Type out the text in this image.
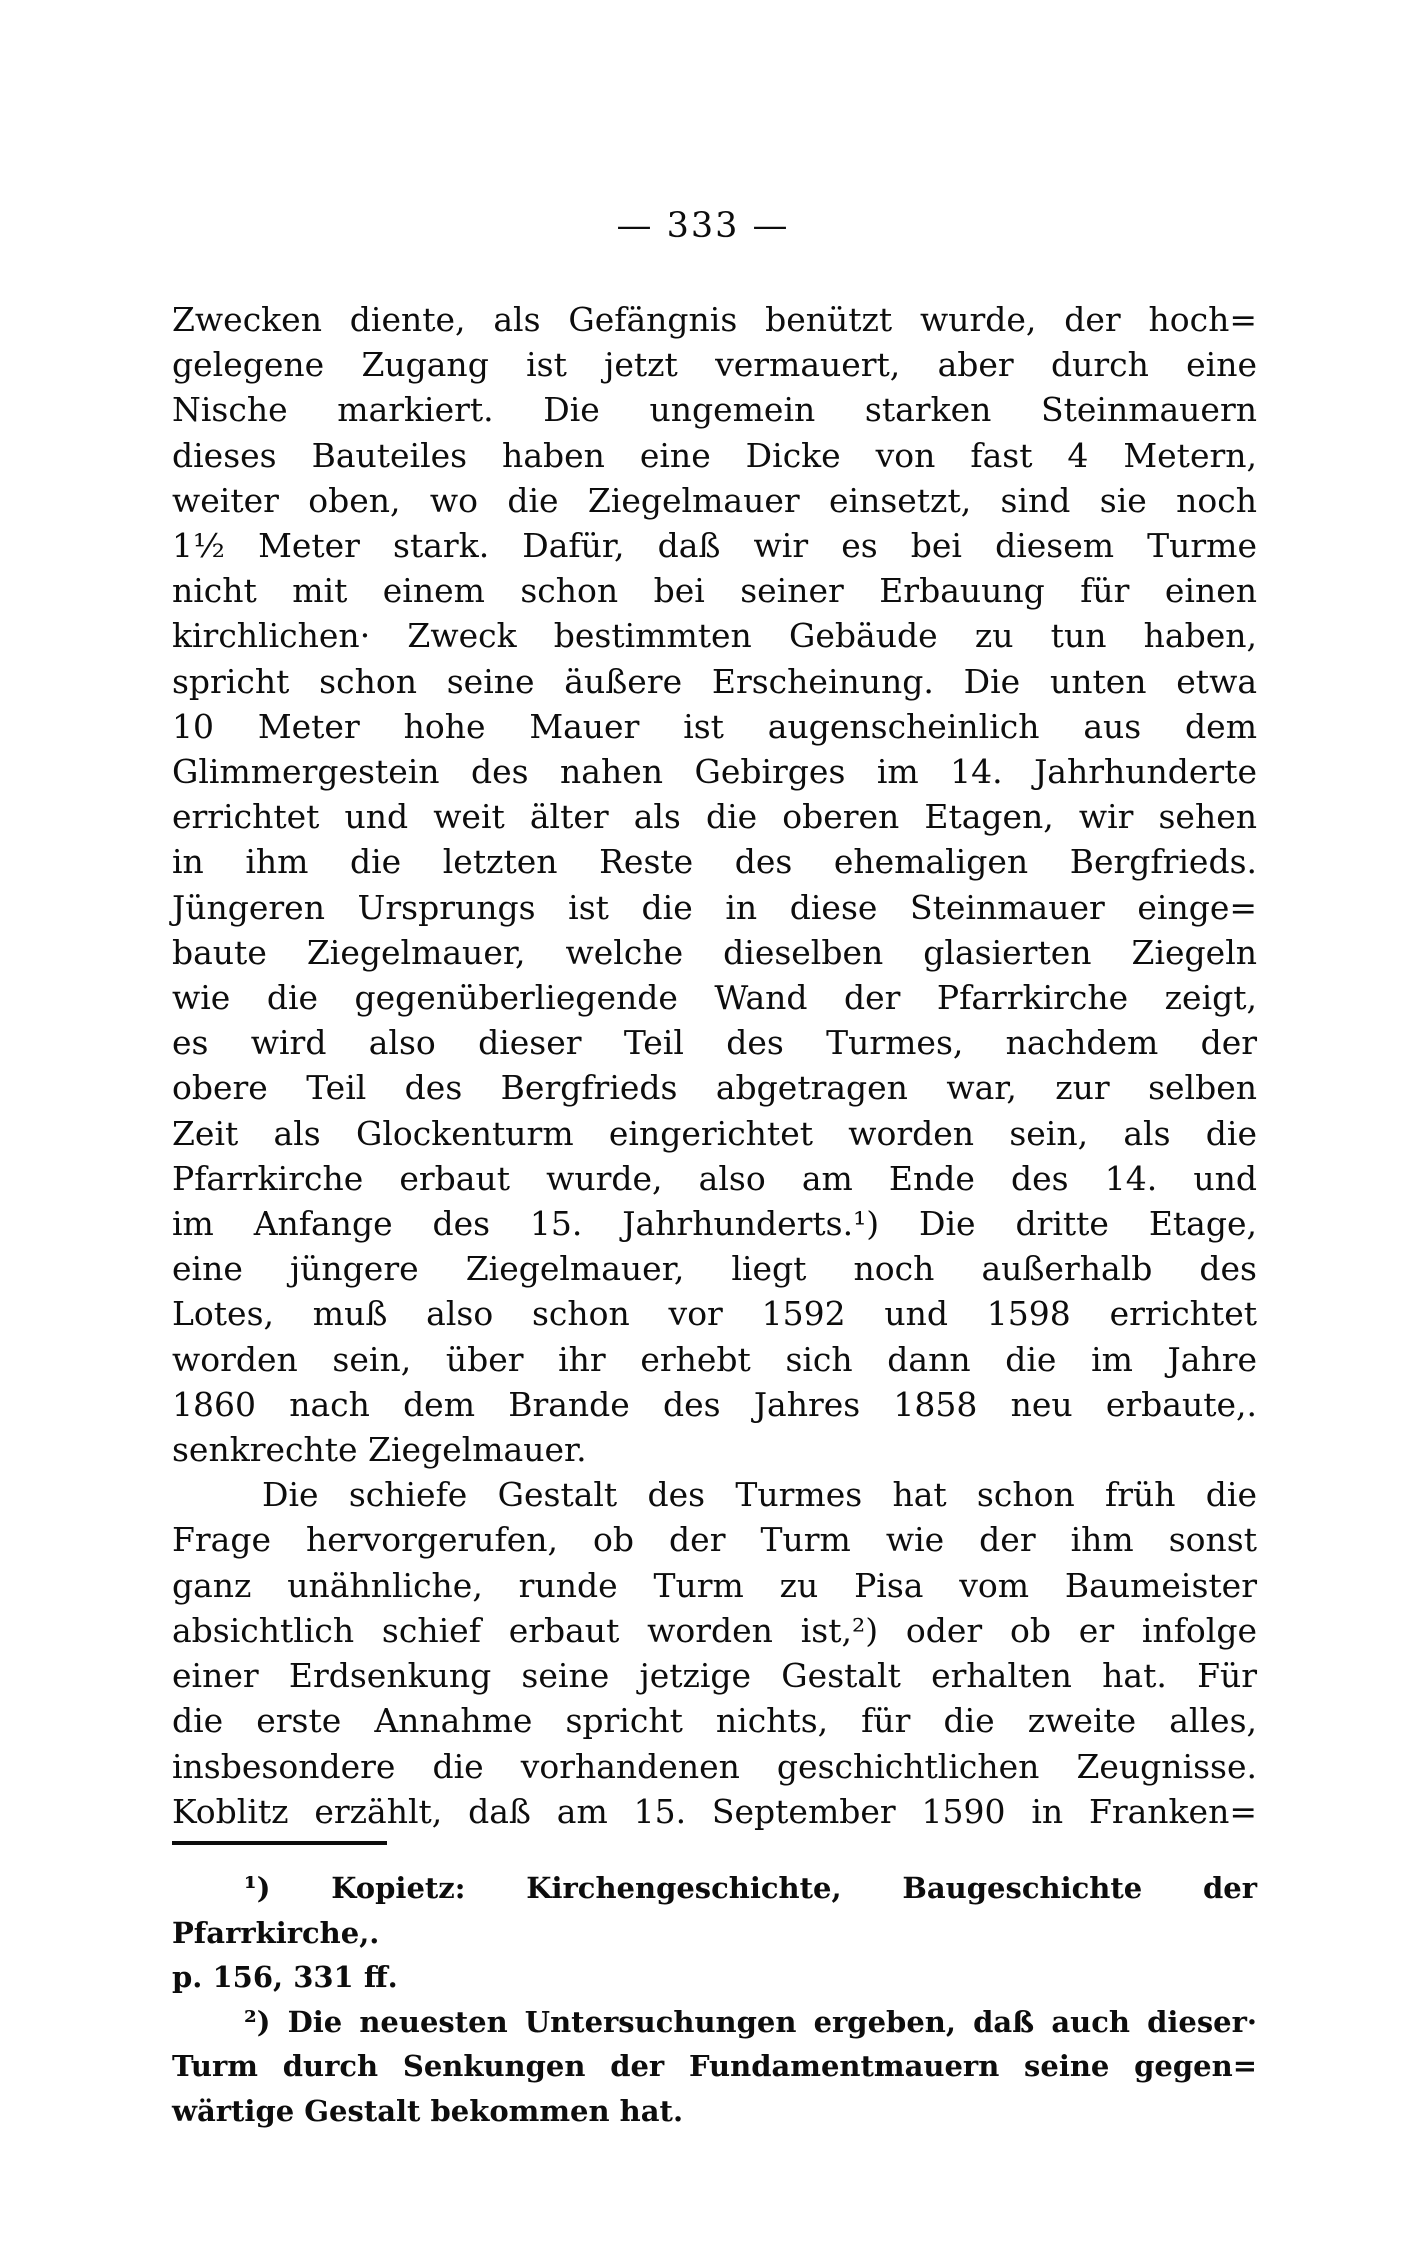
— 333 —
Zwecken diente, als Gefängnis benützt wurde, der hoch=
gelegene Zugang ist jetzt vermauert, aber durch eine
Nische markiert. Die ungemein starken Steinmauern
dieses Bauteiles haben eine Dicke von fast 4 Metern,
weiter oben, wo die Ziegelmauer einsetzt, sind sie noch
1½ Meter stark. Dafür, daß wir es bei diesem Turme
nicht mit einem schon bei seiner Erbauung für einen
kirchlichen· Zweck bestimmten Gebäude zu tun haben,
spricht schon seine äußere Erscheinung. Die unten etwa
10 Meter hohe Mauer ist augenscheinlich aus dem
Glimmergestein des nahen Gebirges im 14. Jahrhunderte
errichtet und weit älter als die oberen Etagen, wir sehen
in ihm die letzten Reste des ehemaligen Bergfrieds.
Jüngeren Ursprungs ist die in diese Steinmauer einge=
baute Ziegelmauer, welche dieselben glasierten Ziegeln
wie die gegenüberliegende Wand der Pfarrkirche zeigt,
es wird also dieser Teil des Turmes, nachdem der
obere Teil des Bergfrieds abgetragen war, zur selben
Zeit als Glockenturm eingerichtet worden sein, als die
Pfarrkirche erbaut wurde, also am Ende des 14. und
im Anfange des 15. Jahrhunderts.¹) Die dritte Etage,
eine jüngere Ziegelmauer, liegt noch außerhalb des
Lotes, muß also schon vor 1592 und 1598 errichtet
worden sein, über ihr erhebt sich dann die im Jahre
1860 nach dem Brande des Jahres 1858 neu erbaute,.
senkrechte Ziegelmauer.
Die schiefe Gestalt des Turmes hat schon früh die
Frage hervorgerufen, ob der Turm wie der ihm sonst
ganz unähnliche, runde Turm zu Pisa vom Baumeister
absichtlich schief erbaut worden ist,²) oder ob er infolge
einer Erdsenkung seine jetzige Gestalt erhalten hat. Für
die erste Annahme spricht nichts, für die zweite alles,
insbesondere die vorhandenen geschichtlichen Zeugnisse.
Koblitz erzählt, daß am 15. September 1590 in Franken=
¹) Kopietz: Kirchengeschichte, Baugeschichte der Pfarrkirche,.
p. 156, 331 ff.
²) Die neuesten Untersuchungen ergeben, daß auch dieser·
Turm durch Senkungen der Fundamentmauern seine gegen=
wärtige Gestalt bekommen hat.
